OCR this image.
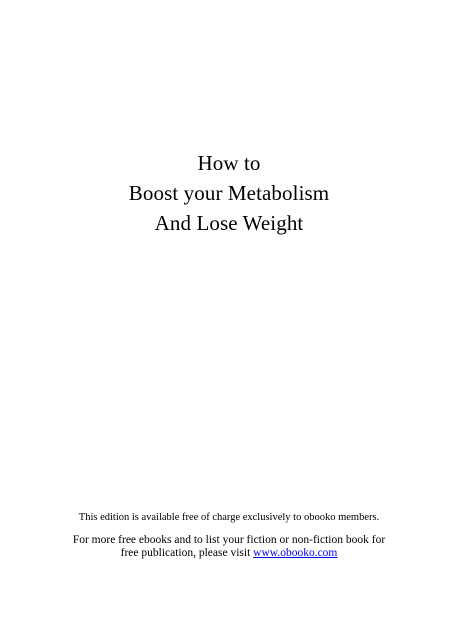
How to
Boost your Metabolism
And Lose Weight
This edition is available free of charge exclusively to obooko members.
For more free ebooks and to list your fiction or non-fiction book for
free publication, please visit www.obooko.com
